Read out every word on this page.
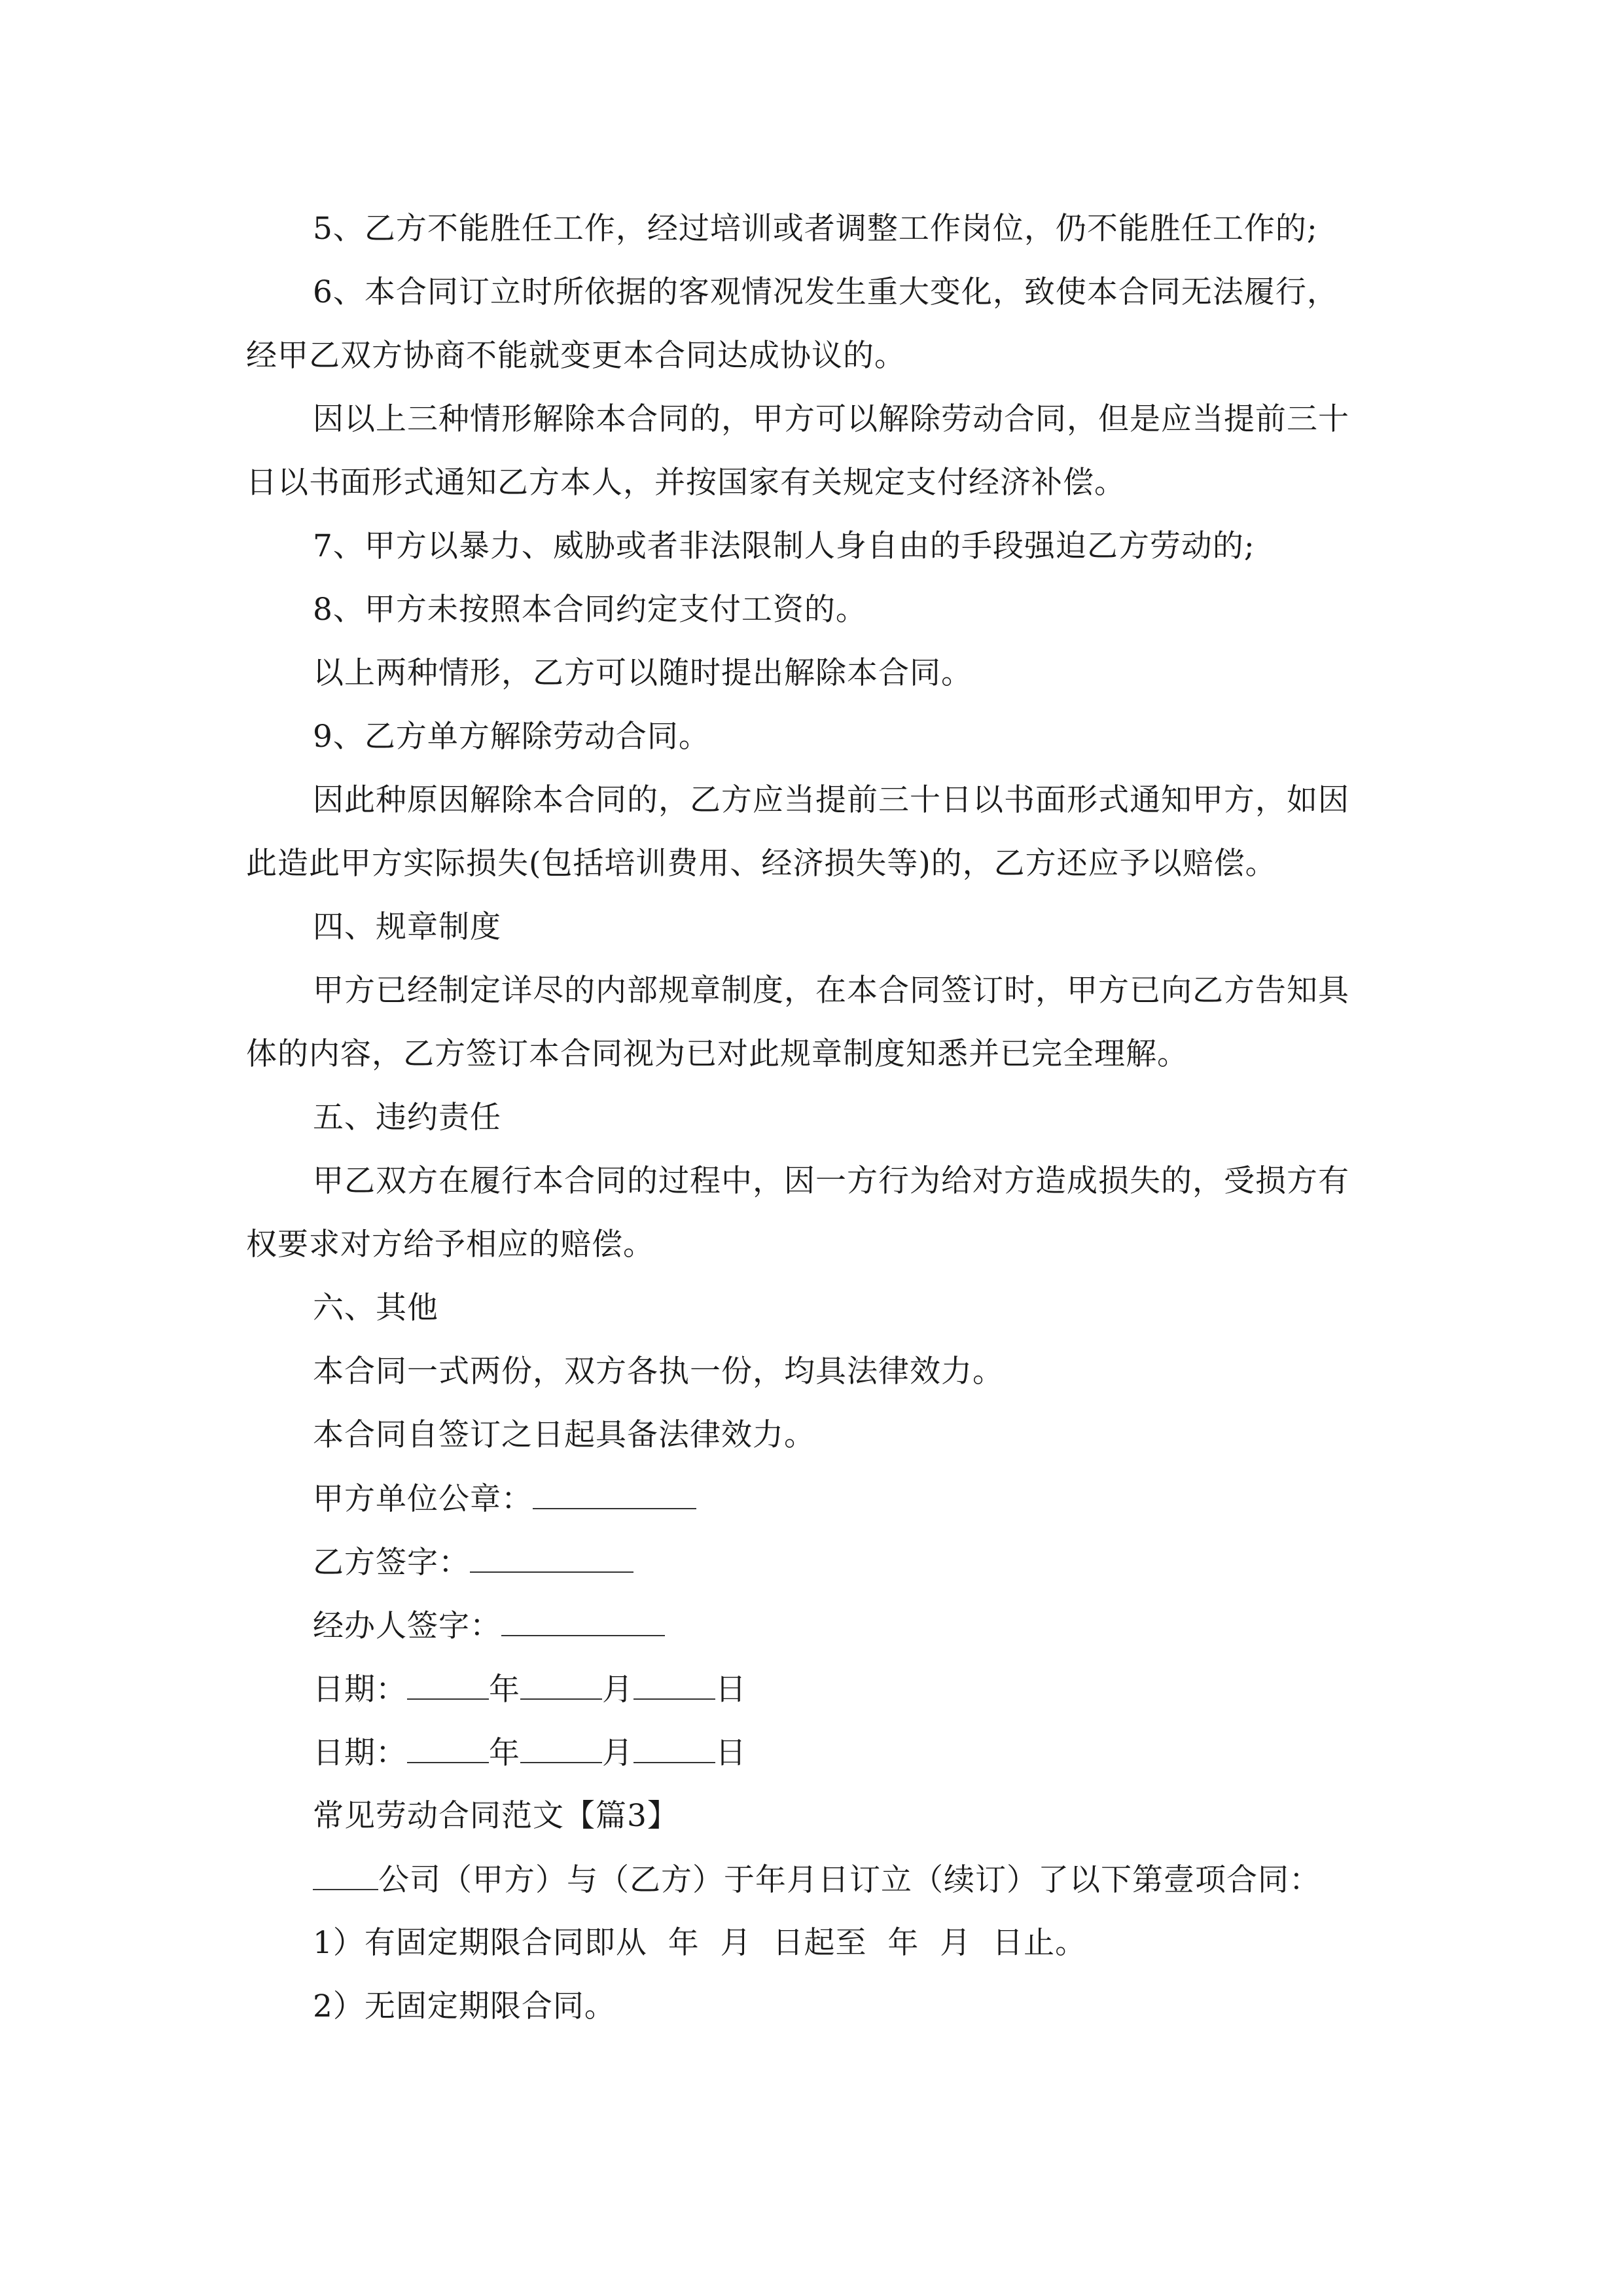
5、乙方不能胜任工作，经过培训或者调整工作岗位，仍不能胜任工作的;
6、本合同订立时所依据的客观情况发生重大变化，致使本合同无法履行，
经甲乙双方协商不能就变更本合同达成协议的。
因以上三种情形解除本合同的，甲方可以解除劳动合同，但是应当提前三十
日以书面形式通知乙方本人，并按国家有关规定支付经济补偿。
7、甲方以暴力、威胁或者非法限制人身自由的手段强迫乙方劳动的;
8、甲方未按照本合同约定支付工资的。
以上两种情形，乙方可以随时提出解除本合同。
9、乙方单方解除劳动合同。
因此种原因解除本合同的，乙方应当提前三十日以书面形式通知甲方，如因
此造此甲方实际损失(包括培训费用、经济损失等)的，乙方还应予以赔偿。
四、规章制度
甲方已经制定详尽的内部规章制度，在本合同签订时，甲方已向乙方告知具
体的内容，乙方签订本合同视为已对此规章制度知悉并已完全理解。
五、违约责任
甲乙双方在履行本合同的过程中，因一方行为给对方造成损失的，受损方有
权要求对方给予相应的赔偿。
六、其他
本合同一式两份，双方各执一份，均具法律效力。
本合同自签订之日起具备法律效力。
甲方单位公章：
乙方签字：
经办人签字：
日期：	年	月	日
日期：	年	月	日
常见劳动合同范文【篇3】
公司（甲方）与（乙方）于年月日订立（续订）了以下第壹项合同：
1）有固定期限合同即从  年  月  日起至  年  月  日止。
2）无固定期限合同。
